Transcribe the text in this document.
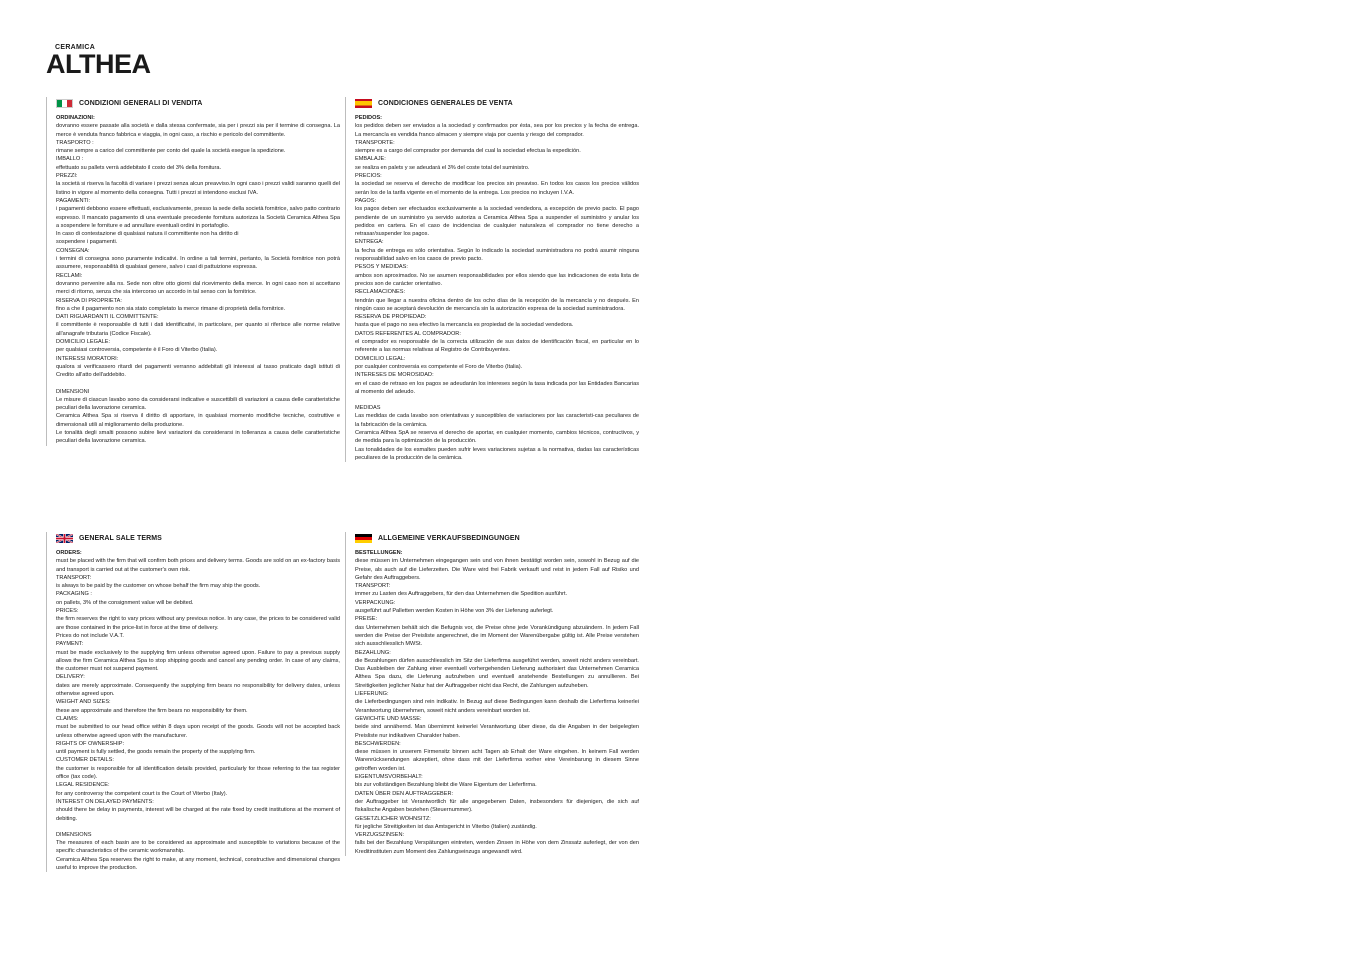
CERAMICA
ALTHEA
CONDIZIONI GENERALI DI VENDITA

ORDINAZIONI:

dovranno essere passate alla società e dalla stessa confermate, sia per i prezzi sia per il termine di consegna. La merce è venduta franco fabbrica e viaggia, in ogni caso, a rischio e pericolo del committente.

TRASPORTO :

rimane sempre a carico del committente per conto del quale la società esegue la spedizione.

IMBALLO :

effettuato su pallets verrà addebitato il costo del 3% della fornitura.

PREZZI:

la società si riserva la facoltà di variare i prezzi senza alcun preavviso.In ogni caso i prezzi validi saranno quelli del listino in vigore al momento della consegna. Tutti i prezzi si intendono esclusi IVA.

PAGAMENTI:

i pagamenti debbono essere effettuati, esclusivamente, presso la sede della società fornitrice, salvo patto contrario espresso. Il mancato pagamento di una eventuale precedente fornitura autorizza la Società Ceramica Althea Spa a sospendere le forniture e ad annullare eventuali ordini in portafoglio.

In caso di contestazione di qualsiasi natura il committente non ha diritto di

sospendere i pagamenti.

CONSEGNA:

i termini di consegna sono puramente indicativi. In ordine a tali termini, pertanto, la Società fornitrice non potrà assumere, responsabilità di qualsiasi genere, salvo i casi di pattuizione espressa.

RECLAMI:

dovranno pervenire alla ns. Sede non oltre otto giorni dal ricevimento della merce. In ogni caso non si accettano merci di ritorno, senza che sia intercorso un accordo in tal senso con la fornitrice.

RISERVA DI PROPRIETA:

fino a che il pagamento non sia stato completato la merce rimane di proprietà della fornitrice.

DATI RIGUARDANTI IL COMMITTENTE:

il committente è responsabile di tutti i dati identificativi, in particolare, per quanto si riferisce alle norme relative all'anagrafe tributaria (Codice Fiscale).

DOMICILIO LEGALE:

per qualsiasi controversia, competente è il Foro di Viterbo (Italia).

INTERESSI MORATORI:

qualora si verificassero ritardi dei pagamenti verranno addebitati gli interessi al tasso praticato dagli istituti di Credito all'atto dell'addebito.

DIMENSIONI

Le misure di ciascun lavabo sono da considerarsi indicative e suscettibili di variazioni a causa delle caratteristiche peculiari della lavorazione ceramica.

Ceramica Althea Spa si riserva il diritto di apportare, in qualsiasi momento modifiche tecniche, costruttive e dimensionali utili al miglioramento della produzione.

Le tonalità degli smalti possono subire lievi variazioni da considerarsi in tolleranza a causa delle caratteristiche peculiari della lavorazione ceramica.

CONDICIONES GENERALES DE VENTA

PEDIDOS:

los pedidos deben ser enviados a la sociedad y confirmados por ésta, sea por los precios y la fecha de entrega. La mercancía es vendida franco almacen y siempre viaja por cuenta y riesgo del comprador.

TRANSPORTE:

siempre es a cargo del comprador por demanda del cual la sociedad efectua la expedición.

EMBALAJE:

se realiza en palets y se adeudará el 3% del coste total del suministro.

PRECIOS:

la sociedad se reserva el derecho de modificar los precios sin preaviso. En todos los casos los precios válidos serán los de la tarifa vigente en el momento de la entrega. Los precios no incluyen I.V.A.

PAGOS:

los pagos deben ser efectuados exclusivamente a la sociedad vendedora, a excepción de previo pacto. El pago pendiente de un suministro ya servido autoriza a Ceramica Althea Spa a suspender el suministro y anular los pedidos en cartera. En el caso de incidencias de cualquier naturaleza el comprador no tiene derecho a retrasar/suspender los pagos.

ENTREGA:

la fecha de entrega es sólo orientativa. Según lo indicado la sociedad suministradora no podrá asumir ninguna responsabilidad salvo en los casos de previo pacto.

PESOS Y MEDIDAS:

ambos son aproximados. No se asumen responsabilidades por ellos siendo que las indicaciones de esta lista de precios son de carácter orientativo.

RECLAMACIONES:

tendrán que llegar a nuestra oficina dentro de los ocho días de la recepción de la mercancía y no después. En ningún caso se aceptará devolución de mercancía sin la autorización expresa de la sociedad suministradora.

RESERVA DE PROPIEDAD:

hasta que el pago no sea efectivo la mercancía es propiedad de la sociedad vendedora.

DATOS REFERENTES AL COMPRADOR:

el comprador es responsable de la correcta utilización de sus datos de identificación fiscal, en particular en lo referente a las normas relativas al Registro de Contribuyentes.

DOMICILIO LEGAL:

por cualquier controversia es competente el Foro de Viterbo (Italia).

INTERESES DE MOROSIDAD:

en el caso de retraso en los pagos se adeudarán los intereses según la tasa indicada por las Entidades Bancarias al momento del adeudo.

MEDIDAS

Las medidas de cada lavabo son orientativas y susceptibles de variaciones por las caracteristi-cas peculiares de la fabricación de la cerámica.

Ceramica Althea SpA se reserva el derecho de aportar, en cualquier momento, cambios técnicos, contructivos, y de medida para la optimización de la producción.

Las tonalidades de los esmaltes pueden sufrir leves variaciones sujetas a la normativa, dadas las características peculiares de la producción de la cerámica.

GENERAL SALE TERMS

ORDERS:

must be placed with the firm that will confirm both prices and delivery terms. Goods are sold on an ex-factory basis and transport is carried out at the customer's own risk.

TRANSPORT:

is always to be paid by the customer on whose behalf the firm may ship the goods.

PACKAGING :

on pallets, 3% of the consignment value will be debited.

PRICES:

the firm reserves the right to vary prices without any previous notice. In any case, the prices to be considered valid are those contained in the price-list in force at the time of delivery.

Prices do not include V.A.T.

PAYMENT:

must be made exclusively to the supplying firm unless otherwise agreed upon. Failure to pay a previous supply allows the firm Ceramica Althea Spa to stop shipping goods and cancel any pending order. In case of any claims, the customer must not suspend payment.

DELIVERY:

dates are merely approximate. Consequently the supplying firm bears no responsibility for delivery dates, unless otherwise agreed upon.

WEIGHT AND SIZES:

these are approximate and therefore the firm bears no responsibility for them.

CLAIMS:

must be submitted to our head office within 8 days upon receipt of the goods. Goods will not be accepted back unless otherwise agreed upon with the manufacturer.

RIGHTS OF OWNERSHIP:

until payment is fully settled, the goods remain the property of the supplying firm.

CUSTOMER DETAILS:

the customer is responsible for all identification details provided, particularly for those referring to the tax register office (tax code).

LEGAL RESIDENCE:

for any controversy the competent court is the Court of Viterbo (Italy).

INTEREST ON DELAYED PAYMENTS:

should there be delay in payments, interest will be charged at the rate fixed by credit institutions at the moment of debiting.

DIMENSIONS

The measures of each basin are to be considered as approximate and susceptible to variations because of the specific characteristics of the ceramic workmanship.

Ceramica Althea Spa reserves the right to make, at any moment, technical, constructive and dimensional changes useful to improve the production.

ALLGEMEINE VERKAUFSBEDINGUNGEN

BESTELLUNGEN:

diese müssen im Unternehmen eingegangen sein und von ihnen bestätigt worden sein, sowohl in Bezug auf die Preise, als auch auf die Lieferzeiten. Die Ware wird frei Fabrik verkauft und reist in jedem Fall auf Risiko und Gefahr des Auftraggebers.

TRANSPORT:

immer zu Lasten des Auftraggebers, für den das Unternehmen die Spedition ausführt.

VERPACKUNG:

ausgeführt auf Palletten werden Kosten in Höhe von 3% der Lieferung auferlegt.

PREISE:

das Unternehmen behält sich die Befugnis vor, die Preise ohne jede Vorankündigung abzuändern. In jedem Fall werden die Preise der Preisliste angerechnet, die im Moment der Warenübergabe gültig ist. Alle Preise verstehen sich ausschliesslich MWSt.

BEZAHLUNG:

die Bezahlungen dürfen ausschliesslich im Sitz der Lieferfirma ausgeführt werden, soweit nicht anders vereinbart. Das Ausbleiben der Zahlung einer eventuell vorhergehenden Lieferung authorisiert das Unternehmen Ceramica Althea Spa dazu, die Lieferung aufzuheben und eventuell anstehende Bestellungen zu annullieren. Bei Streitigkeiten jeglicher Natur hat der Auftraggeber nicht das Recht, die Zahlungen aufzuheben.

LIEFERUNG:

die Lieferbedingungen sind rein indikativ. In Bezug auf diese Bedingungen kann deshalb die Lieferfirma keinerlei Verantwortung übernehmen, soweit nicht anders vereinbart worden ist.

GEWICHTE UND MASSE:

beide sind annähernd. Man übernimmt keinerlei Verantwortung über diese, da die Angaben in der beigelegten Preisliste nur indikativen Charakter haben.

BESCHWERDEN:

diese müssen in unserem Firmensitz binnen acht Tagen ab Erhalt der Ware eingehen. In keinem Fall werden Warenrücksendungen akzeptiert, ohne dass mit der Lieferfirma vorher eine Vereinbarung in diesem Sinne getroffen worden ist.

EIGENTUMSVORBEHALT:

bis zur vollständigen Bezahlung bleibt die Ware Eigentum der Lieferfirma.

DATEN ÜBER DEN AUFTRAGGEBER:

der Auftraggeber ist Verantwortlich für alle angegebenen Daten, insbesonders für diejenigen, die sich auf fiskalische Angaben beziehen (Steuernummer).

GESETZLICHER WOHNSITZ:

für jegliche Streitigkeiten ist das Amtsgericht in Viterbo (Italien) zuständig.

VERZUGSZINSEN:

falls bei der Bezahlung Verspätungen eintreten, werden Zinsen in Höhe von dem Zinssatz auferlegt, der von den Kreditinstituten zum Moment des Zahlungseinzugs angewandt wird.
